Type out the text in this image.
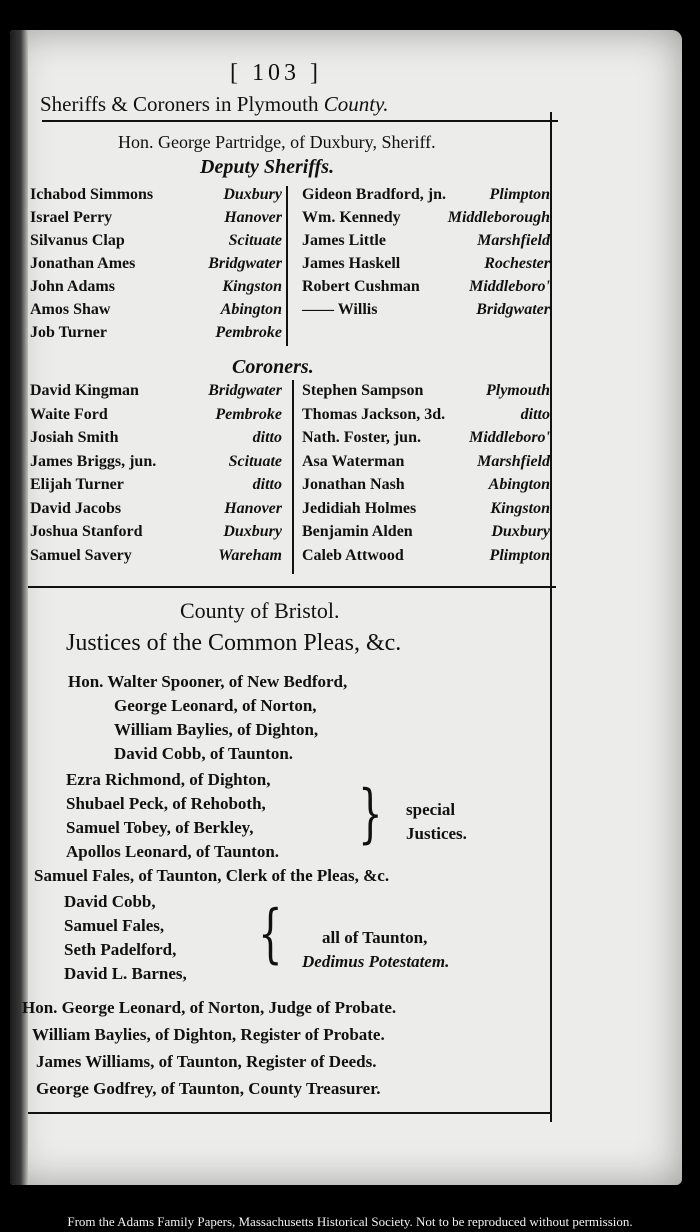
[ 103 ]
Sheriffs & Coroners in Plymouth County.
Hon. George Partridge, of Duxbury, Sheriff.
Deputy Sheriffs.
Ichabod Simmons	Duxbury Gideon Bradford, jn.	Plimpton
Israel Perry	Hanover Wm. Kennedy	Middleborough
Silvanus Clap	Scituate James Little	Marshfield
Jonathan Ames	Bridgwater James Haskell	Rochester
John Adams	Kingston Robert Cushman	Middleboro'
Amos Shaw	Abington —— Willis	Bridgwater
Job Turner	Pembroke
Coroners.
David Kingman	Bridgwater Stephen Sampson	Plymouth
Waite Ford	Pembroke Thomas Jackson, 3d.	ditto
Josiah Smith	ditto Nath. Foster, jun.	Middleboro'
James Briggs, jun.	Scituate Asa Waterman	Marshfield
Elijah Turner	ditto Jonathan Nash	Abington
David Jacobs	Hanover Jedidiah Holmes	Kingston
Joshua Stanford	Duxbury Benjamin Alden	Duxbury
Samuel Savery	Wareham Caleb Attwood	Plimpton
County of Bristol.
Justices of the Common Pleas, &c.
Hon. Walter Spooner, of New Bedford,
George Leonard, of Norton,
William Baylies, of Dighton,
David Cobb, of Taunton.
Ezra Richmond, of Dighton,
Shubael Peck, of Rehoboth,
Samuel Tobey, of Berkley,
Apollos Leonard, of Taunton.
} special
Justices.
Samuel Fales, of Taunton, Clerk of the Pleas, &c.
David Cobb,
Samuel Fales,
Seth Padelford,
David L. Barnes,
{ all of Taunton,
Dedimus Potestatem.
Hon. George Leonard, of Norton, Judge of Probate.
William Baylies, of Dighton, Register of Probate.
James Williams, of Taunton, Register of Deeds.
George Godfrey, of Taunton, County Treasurer.
From the Adams Family Papers, Massachusetts Historical Society. Not to be reproduced without permission.
